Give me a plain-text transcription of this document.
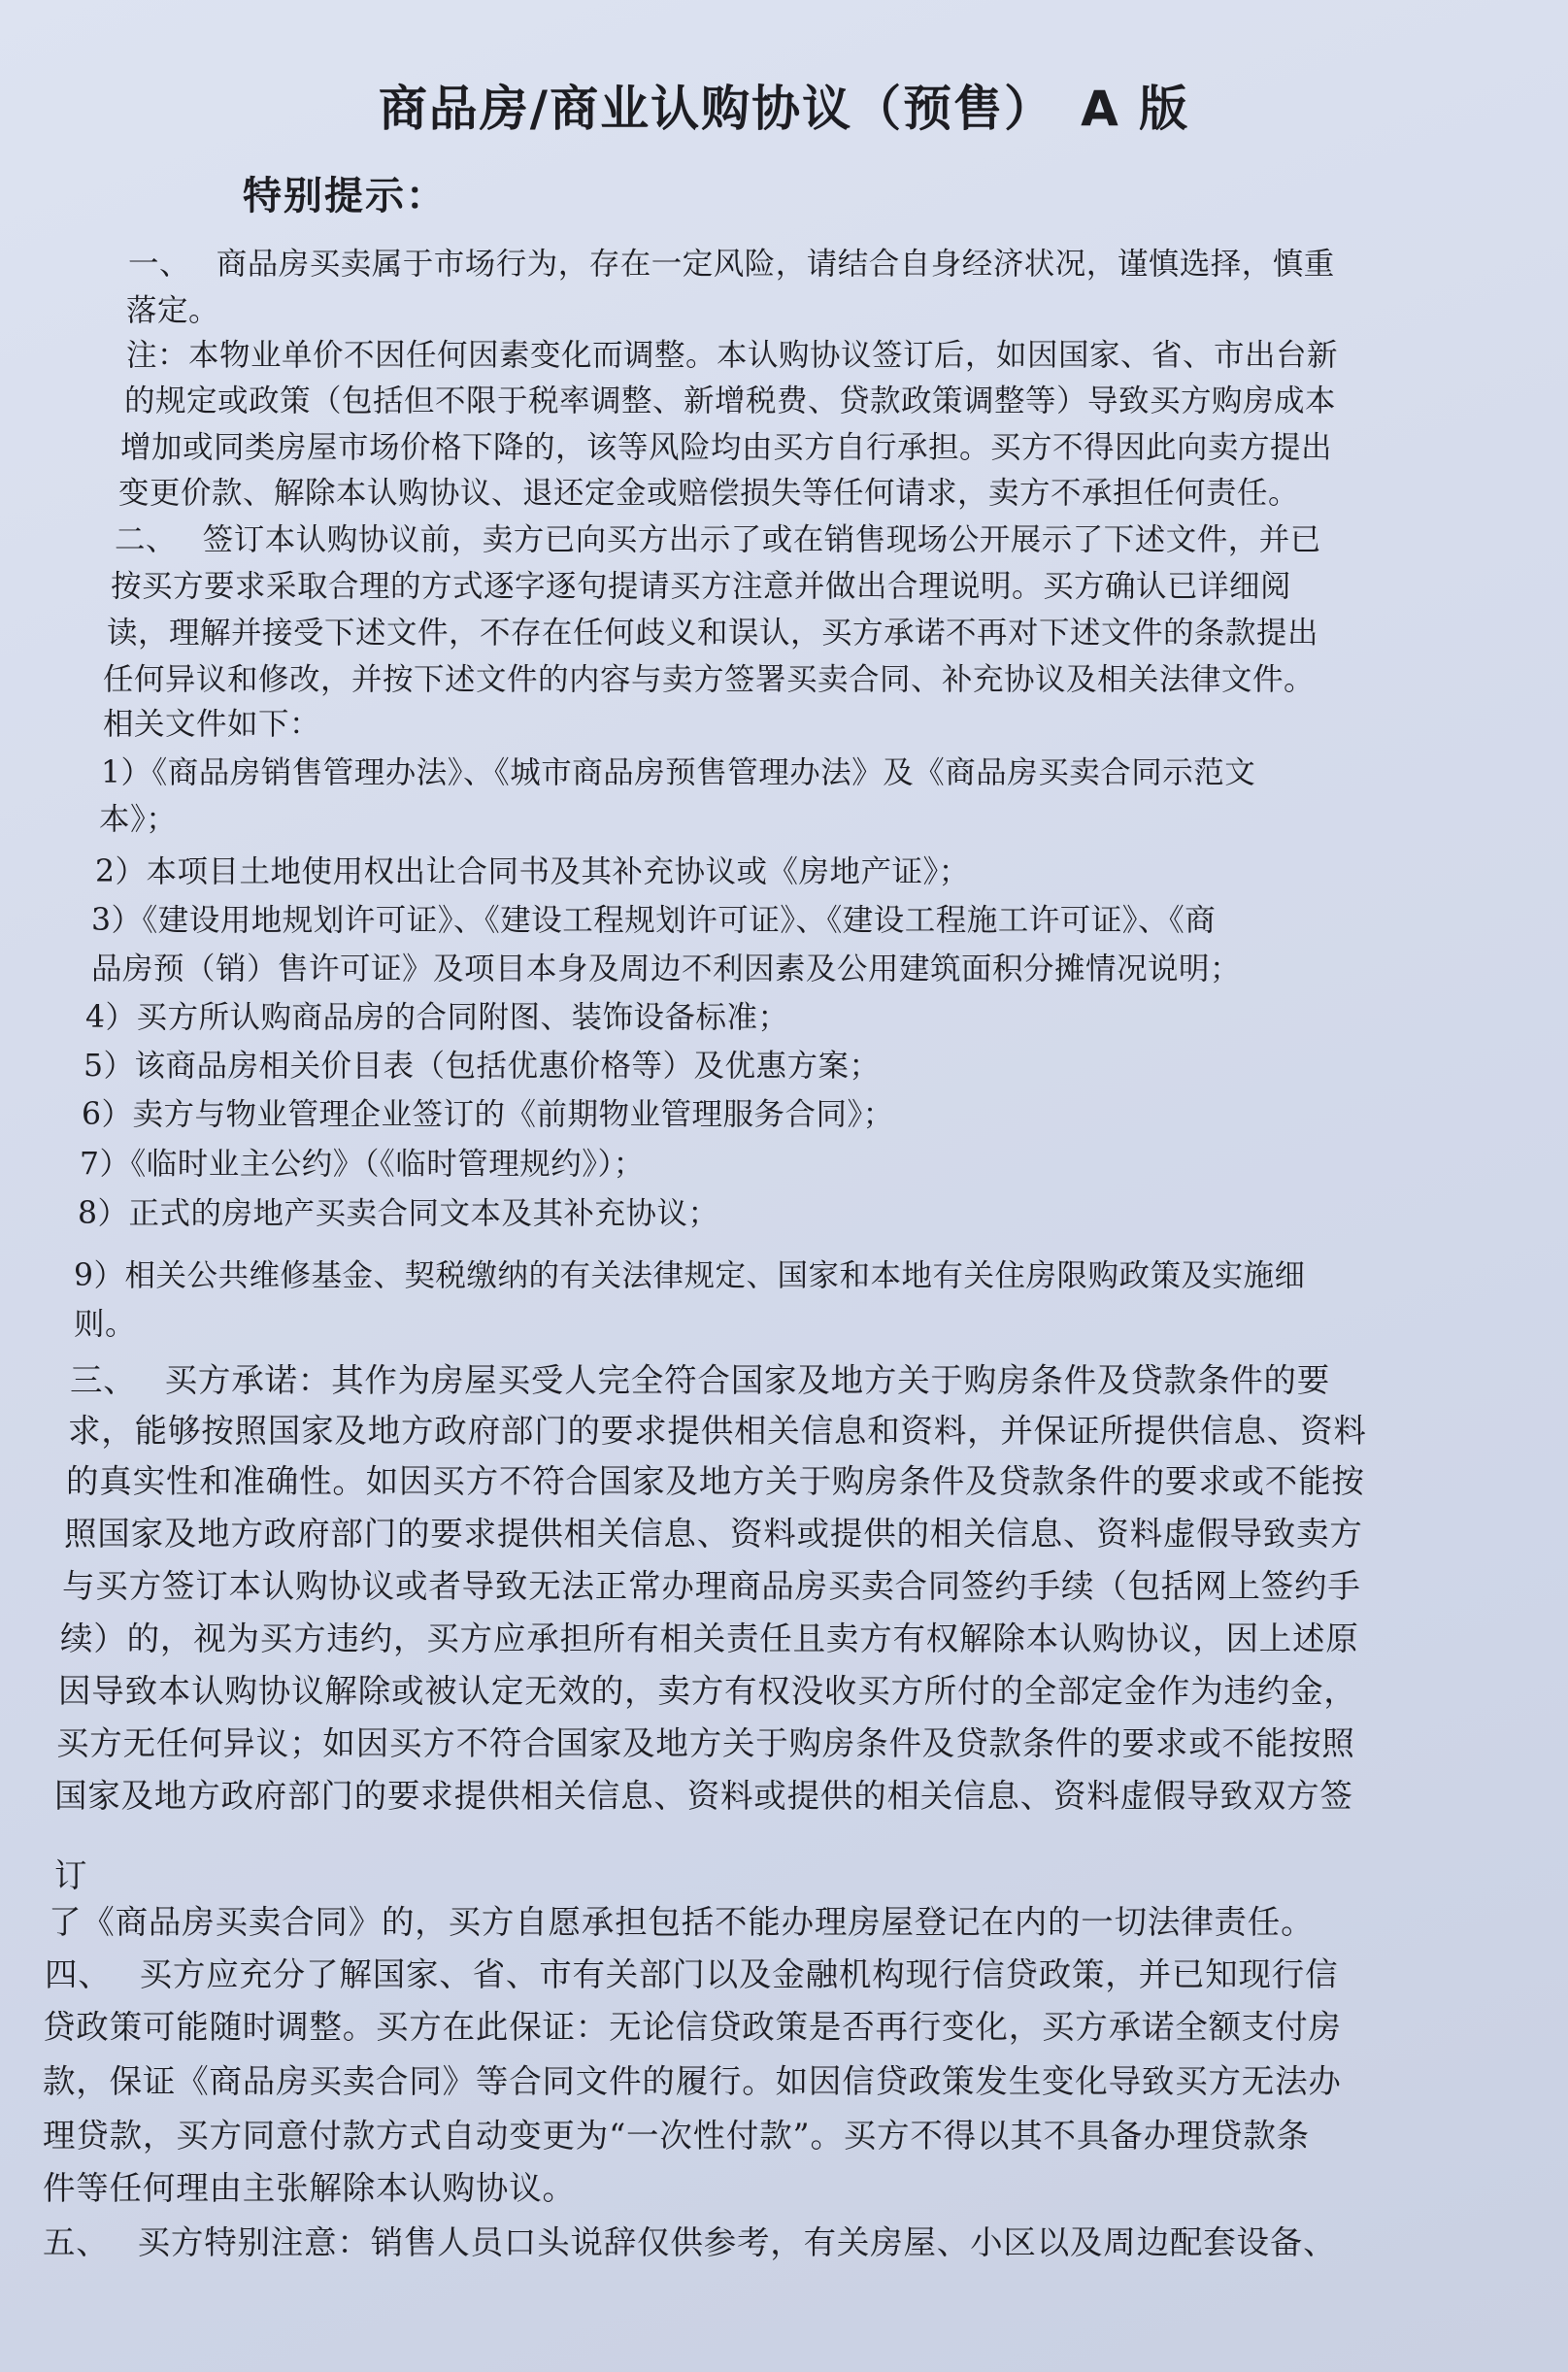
商品房/商业认购协议（预售）　A 版
特别提示：
一、　 商品房买卖属于市场行为，存在一定风险，请结合自身经济状况，谨慎选择，慎重
落定。
注：本物业单价不因任何因素变化而调整。本认购协议签订后，如因国家、省、市出台新
的规定或政策（包括但不限于税率调整、新增税费、贷款政策调整等）导致买方购房成本
增加或同类房屋市场价格下降的，该等风险均由买方自行承担。买方不得因此向卖方提出
变更价款、解除本认购协议、退还定金或赔偿损失等任何请求，卖方不承担任何责任。
二、　 签订本认购协议前，卖方已向买方出示了或在销售现场公开展示了下述文件，并已
按买方要求采取合理的方式逐字逐句提请买方注意并做出合理说明。买方确认已详细阅
读，理解并接受下述文件，不存在任何歧义和误认，买方承诺不再对下述文件的条款提出
任何异议和修改，并按下述文件的内容与卖方签署买卖合同、补充协议及相关法律文件。
相关文件如下：
1）《商品房销售管理办法》、《城市商品房预售管理办法》及《商品房买卖合同示范文
本》；
2）本项目土地使用权出让合同书及其补充协议或《房地产证》；
3）《建设用地规划许可证》、《建设工程规划许可证》、《建设工程施工许可证》、《商
品房预（销）售许可证》及项目本身及周边不利因素及公用建筑面积分摊情况说明；
4）买方所认购商品房的合同附图、装饰设备标准；
5）该商品房相关价目表（包括优惠价格等）及优惠方案；
6）卖方与物业管理企业签订的《前期物业管理服务合同》；
7）《临时业主公约》（《临时管理规约》）；
8）正式的房地产买卖合同文本及其补充协议；
9）相关公共维修基金、契税缴纳的有关法律规定、国家和本地有关住房限购政策及实施细
则。
三、　 买方承诺：其作为房屋买受人完全符合国家及地方关于购房条件及贷款条件的要
求，能够按照国家及地方政府部门的要求提供相关信息和资料，并保证所提供信息、资料
的真实性和准确性。如因买方不符合国家及地方关于购房条件及贷款条件的要求或不能按
照国家及地方政府部门的要求提供相关信息、资料或提供的相关信息、资料虚假导致卖方
与买方签订本认购协议或者导致无法正常办理商品房买卖合同签约手续（包括网上签约手
续）的，视为买方违约，买方应承担所有相关责任且卖方有权解除本认购协议，因上述原
因导致本认购协议解除或被认定无效的，卖方有权没收买方所付的全部定金作为违约金，
买方无任何异议；如因买方不符合国家及地方关于购房条件及贷款条件的要求或不能按照
国家及地方政府部门的要求提供相关信息、资料或提供的相关信息、资料虚假导致双方签
订
了《商品房买卖合同》的，买方自愿承担包括不能办理房屋登记在内的一切法律责任。
四、　 买方应充分了解国家、省、市有关部门以及金融机构现行信贷政策，并已知现行信
贷政策可能随时调整。买方在此保证：无论信贷政策是否再行变化，买方承诺全额支付房
款，保证《商品房买卖合同》等合同文件的履行。如因信贷政策发生变化导致买方无法办
理贷款，买方同意付款方式自动变更为“一次性付款”。买方不得以其不具备办理贷款条
件等任何理由主张解除本认购协议。
五、　 买方特别注意：销售人员口头说辞仅供参考，有关房屋、小区以及周边配套设备、
